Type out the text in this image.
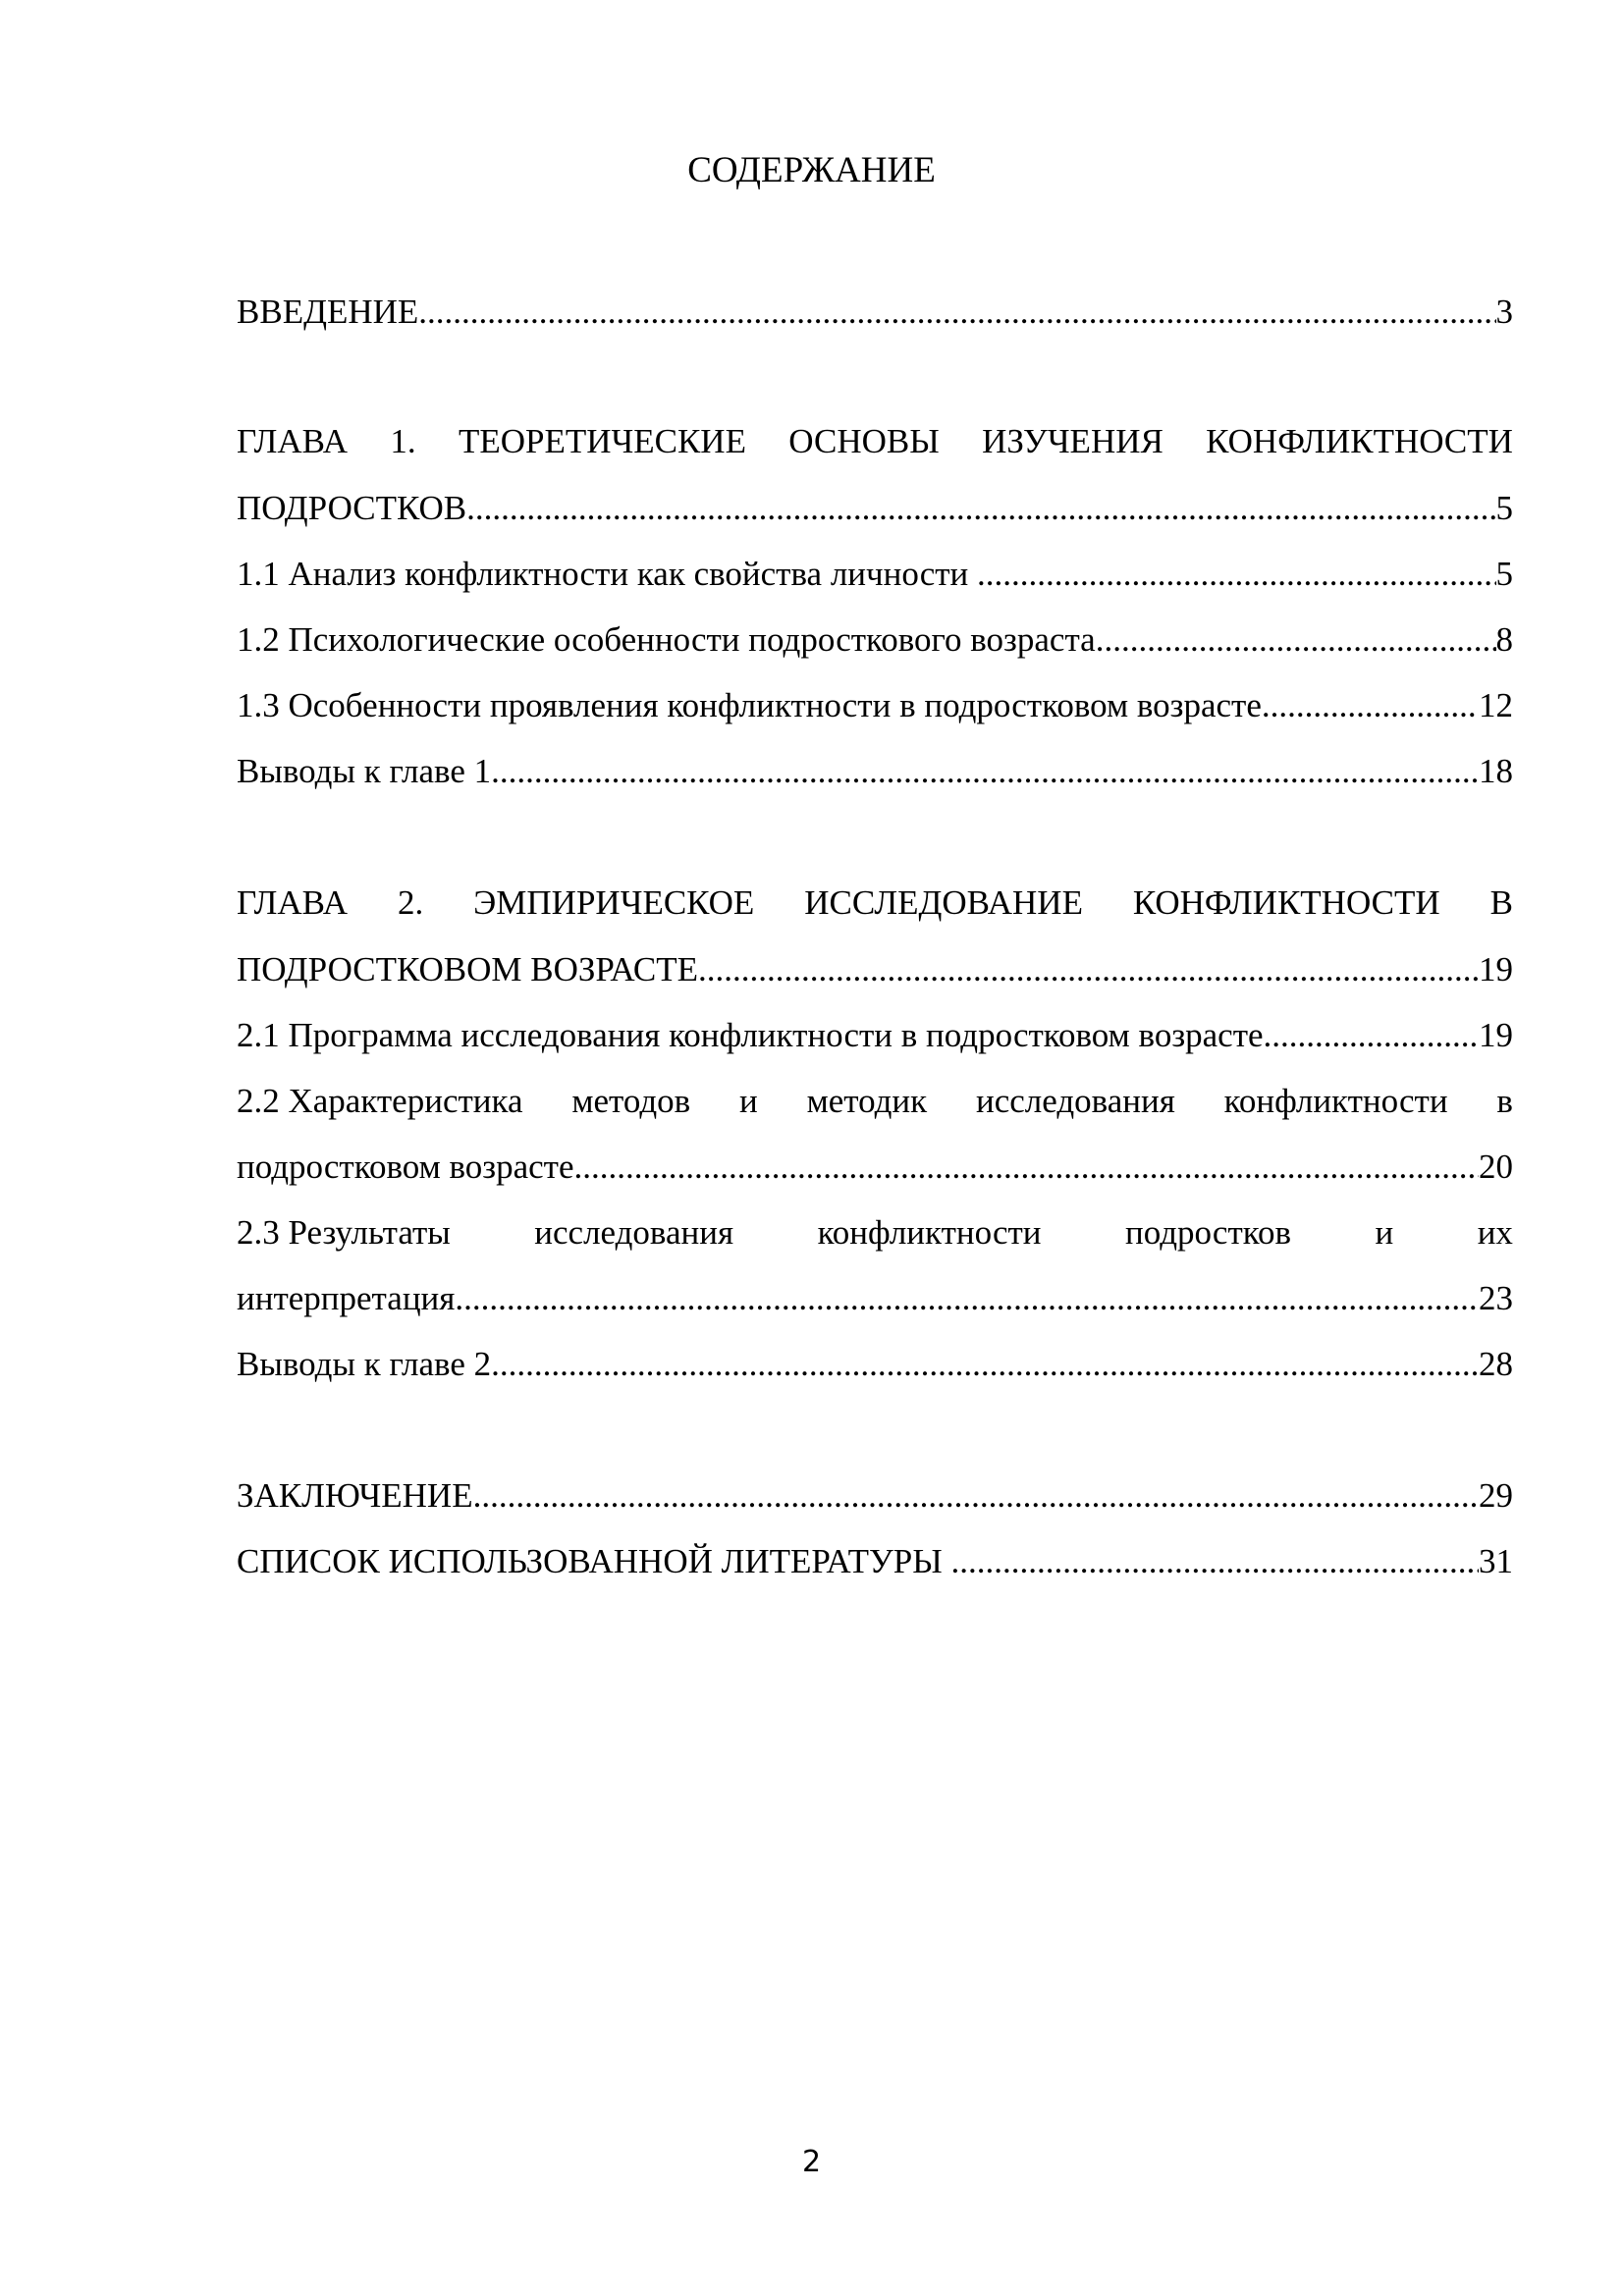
СОДЕРЖАНИЕ
ВВЕДЕНИЕ .....	3
ГЛАВА 1. ТЕОРЕТИЧЕСКИЕ ОСНОВЫ ИЗУЧЕНИЯ КОНФЛИКТНОСТИ
ПОДРОСТКОВ .....	5
1.1 Анализ конфликтности как свойства личности .....	5
1.2 Психологические особенности подросткового возраста .....	8
1.3 Особенности проявления конфликтности в подростковом возрасте .....	12
Выводы к главе 1 .....	18
ГЛАВА 2. ЭМПИРИЧЕСКОЕ ИССЛЕДОВАНИЕ КОНФЛИКТНОСТИ В
ПОДРОСТКОВОМ ВОЗРАСТЕ .....	19
2.1 Программа исследования конфликтности в подростковом возрасте .....	19
2.2 Характеристика методов и методик исследования конфликтности в
подростковом возрасте .....	20
2.3 Результаты исследования конфликтности подростков и их
интерпретация .....	23
Выводы к главе 2 .....	28
ЗАКЛЮЧЕНИЕ .....	29
СПИСОК ИСПОЛЬЗОВАННОЙ ЛИТЕРАТУРЫ .....	31
2
